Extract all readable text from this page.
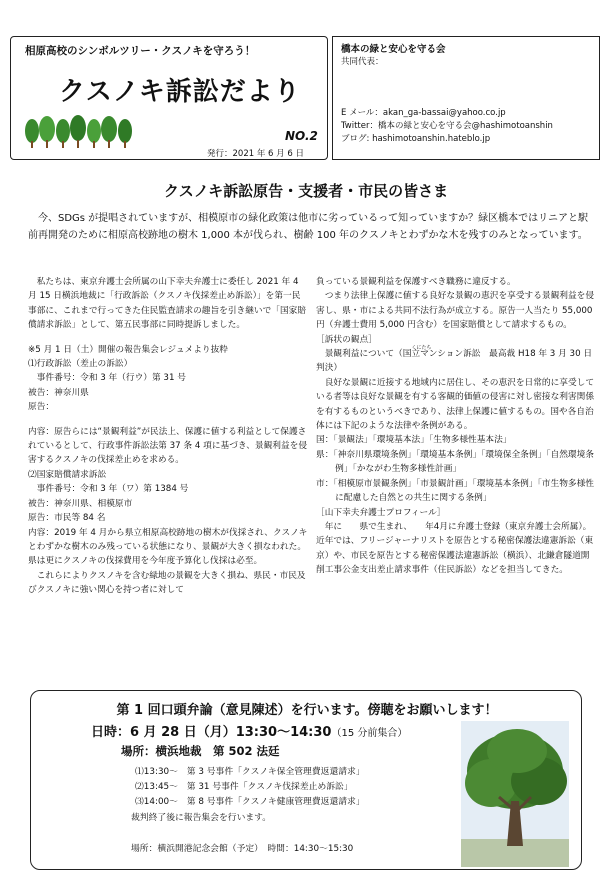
相原高校のシンボルツリー・クスノキを守ろう！
クスノキ訴訟だより
NO.2
発行：2021 年 6 月 6 日
橋本の緑と安心を守る会
共同代表：
E メール：akan_ga-bassai@yahoo.co.jp
Twitter：橋本の緑と安心を守る会@hashimotoanshin
ブログ: hashimotoanshin.hateblo.jp
クスノキ訴訟原告・支援者・市民の皆さま

今、SDGs が提唱されていますが、相模原市の緑化政策は他市に劣っているって知っていますか？緑区橋本ではリニアと駅前再開発のために相原高校跡地の樹木 1,000 本が伐られ、樹齢 100 年のクスノキとわずかな木を残すのみとなっています。

私たちは、東京弁護士会所属の山下幸夫弁護士に委任し 2021 年 4 月 15 日横浜地裁に「行政訴訟（クスノキ伐採差止め訴訟）」を第一民事部に、これまで行ってきた住民監査請求の趣旨を引き継いで「国家賠償請求訴訟」として、第五民事部に同時提訴しました。

※5 月 1 日（土）開催の報告集会レジュメより抜粋

⑴行政訴訟（差止の訴訟）

事件番号：令和 3 年（行ウ）第 31 号

被告：神奈川県

原告：

内容：原告らには“景観利益”が民法上、保護に値する利益として保護されているとして、行政事件訴訟法第 37 条 4 項に基づき、景観利益を侵害するクスノキの伐採差止めを求める。

⑵国家賠償請求訴訟

事件番号：令和 3 年（ワ）第 1384 号

被告：神奈川県、相模原市

原告：市民等 84 名

内容：2019 年 4 月から県立相原高校跡地の樹木が伐採され、クスノキとわずかな樹木のみ残っている状態になり、景観が大きく損なわれた。県は更にクスノキの伐採費用を今年度予算化し伐採は必至。

これらによりクスノキを含む緑地の景観を大きく損ね、県民・市民及びクスノキに強い関心を持つ者に対して

負っている景観利益を保護すべき職務に違反する。

つまり法律上保護に値する良好な景観の恵沢を享受する景観利益を侵害し、県・市による共同不法行為が成立する。原告一人当たり 55,000 円（弁護士費用 5,000 円含む）を国家賠償として請求するもの。

［訴状の観点］

景観利益について（
くにたち
国立マンション訴訟　最高裁 H18 年 3 月 30 日判決）

良好な景観に近接する地域内に居住し、その恵沢を日常的に享受している者等は良好な景観を有する客観的価値の侵害に対し密接な利害関係を有するものというべきであり、法律上保護に値するもの。国や各自治体には下記のような法律や条例がある。

国：「景観法」「環境基本法」「生物多様性基本法」

県：「神奈川県環境条例」「環境基本条例」「環境保全条例」「自然環境条例」「かながわ生物多様性計画」

市：「相模原市景観条例」「市景観計画」「環境基本条例」「市生物多様性に配慮した自然との共生に関する条例」

［山下幸夫弁護士プロフィール］

年に　　県で生まれ、　　年4月に弁護士登録（東京弁護士会所属）。近年では、フリージャーナリストを原告とする秘密保護法違憲訴訟（東京）や、市民を原告とする秘密保護法違憲訴訟（横浜）、北鎌倉隧道開削工事公金支出差止請求事件（住民訴訟）などを担当してきた。

第 1 回口頭弁論（意見陳述）を行います。傍聴をお願いします！
日時：6 月 28 日（月）13:30～14:30（15 分前集合）
場所：横浜地裁　第 502 法廷
⑴13:30～　第 3 号事件「クスノキ保全管理費返還請求」
⑵13:45～　第 31 号事件「クスノキ伐採差止め訴訟」
⑶14:00～　第 8 号事件「クスノキ健康管理費返還請求」
裁判終了後に報告集会を行います。
場所：横浜開港記念会館（予定）　時間：14:30～15:30
